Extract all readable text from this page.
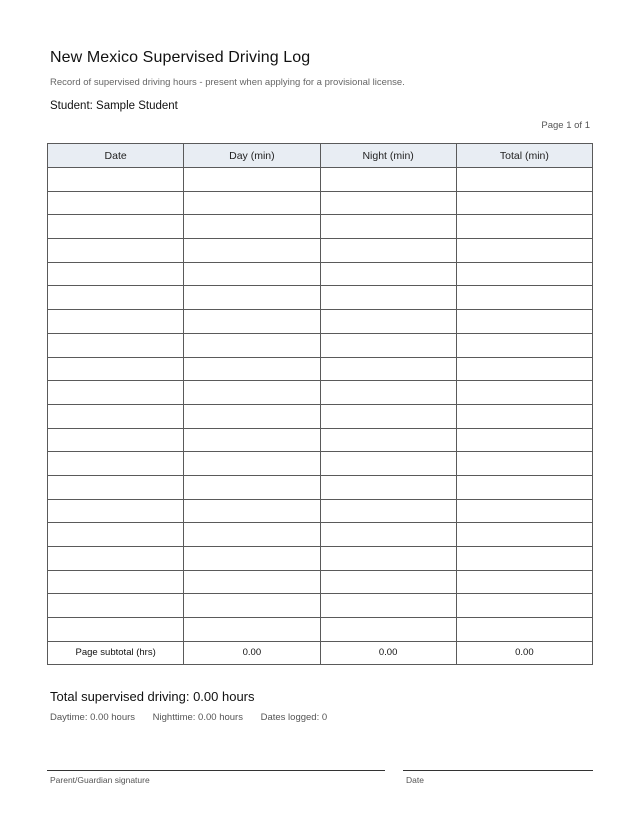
New Mexico Supervised Driving Log
Record of supervised driving hours - present when applying for a provisional license.
Student: Sample Student
Page 1 of 1
Date	Day (min)	Night (min)	Total (min)

Page subtotal (hrs)	0.00	0.00	0.00
Total supervised driving: 0.00 hours
Daytime: 0.00 hours Nighttime: 0.00 hours Dates logged: 0
Parent/Guardian signature	Date
